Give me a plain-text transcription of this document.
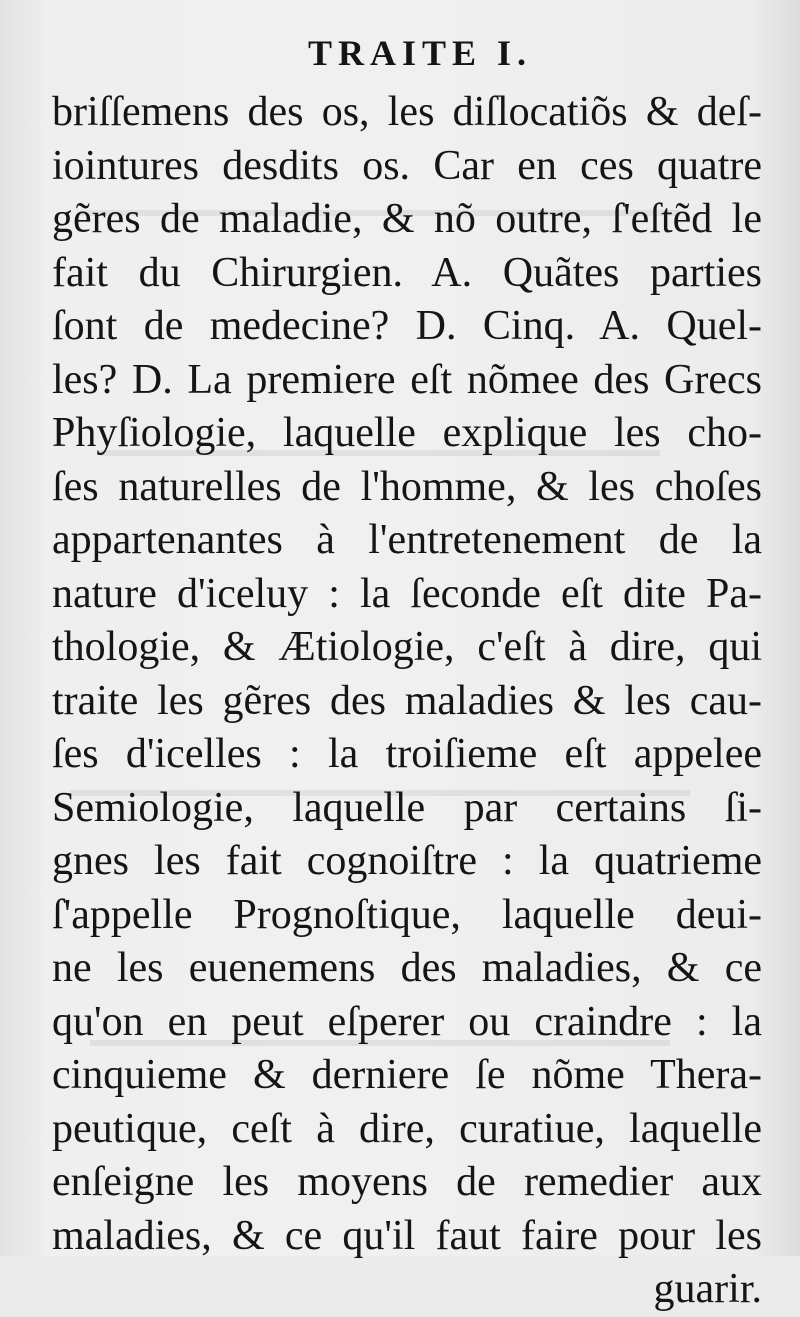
TRAITE I.
briſſemens des os, les diſlocatiõs & deſ-
iointures desdits os. Car en ces quatre
gẽres de maladie, & nõ outre, ſ'eſtẽd le
fait du Chirurgien. A. Quãtes parties
ſont de medecine? D. Cinq. A. Quel-
les? D. La premiere eſt nõmee des Grecs
Phyſiologie, laquelle explique les cho-
ſes naturelles de l'homme, & les choſes
appartenantes à l'entretenement de la
nature d'iceluy : la ſeconde eſt dite Pa-
thologie, & Ætiologie, c'eſt à dire, qui
traite les gẽres des maladies & les cau-
ſes d'icelles : la troiſieme eſt appelee
Semiologie, laquelle par certains ſi-
gnes les fait cognoiſtre : la quatrieme
ſ'appelle Prognoſtique, laquelle deui-
ne les euenemens des maladies, & ce
qu'on en peut eſperer ou craindre : la
cinquieme & derniere ſe nõme Thera-
peutique, ceſt à dire, curatiue, laquelle
enſeigne les moyens de remedier aux
maladies, & ce qu'il faut faire pour les
guarir.
